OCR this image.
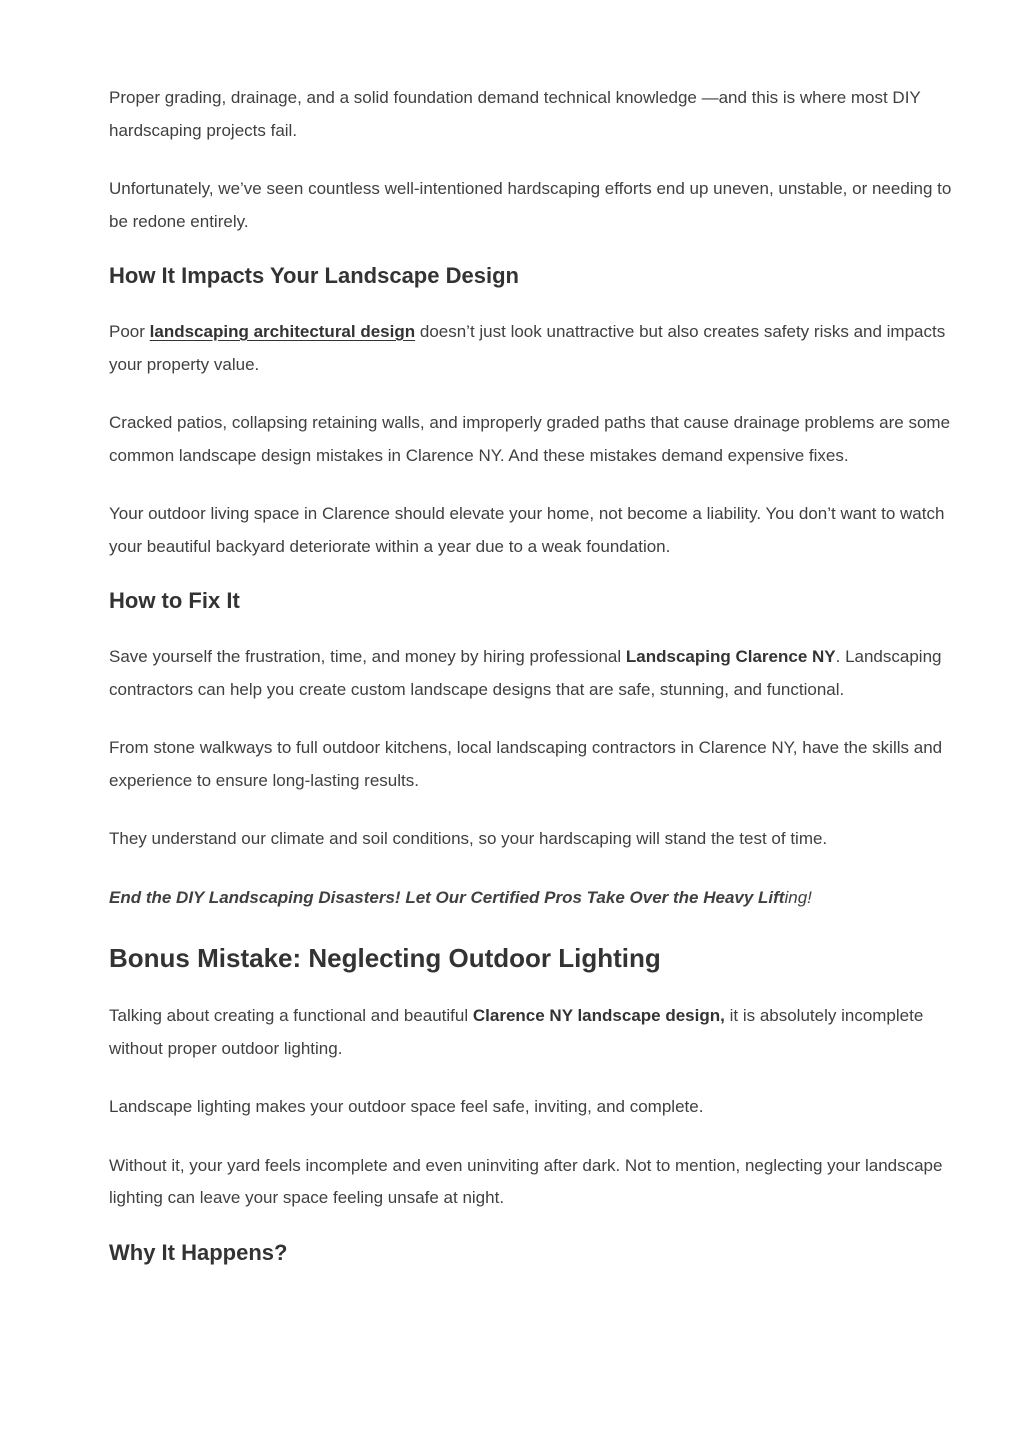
Proper grading, drainage, and a solid foundation demand technical knowledge —and this is where most DIY hardscaping projects fail.

Unfortunately, we’ve seen countless well-intentioned hardscaping efforts end up uneven, unstable, or needing to be redone entirely.

How It Impacts Your Landscape Design

Poor landscaping architectural design doesn’t just look unattractive but also creates safety risks and impacts your property value.

Cracked patios, collapsing retaining walls, and improperly graded paths that cause drainage problems are some common landscape design mistakes in Clarence NY. And these mistakes demand expensive fixes.

Your outdoor living space in Clarence should elevate your home, not become a liability. You don’t want to watch your beautiful backyard deteriorate within a year due to a weak foundation.

How to Fix It

Save yourself the frustration, time, and money by hiring professional Landscaping Clarence NY. Landscaping contractors can help you create custom landscape designs that are safe, stunning, and functional.

From stone walkways to full outdoor kitchens, local landscaping contractors in Clarence NY, have the skills and experience to ensure long-lasting results.

They understand our climate and soil conditions, so your hardscaping will stand the test of time.

End the DIY Landscaping Disasters! Let Our Certified Pros Take Over the Heavy Lifting!

Bonus Mistake: Neglecting Outdoor Lighting

Talking about creating a functional and beautiful Clarence NY landscape design, it is absolutely incomplete without proper outdoor lighting.

Landscape lighting makes your outdoor space feel safe, inviting, and complete.

Without it, your yard feels incomplete and even uninviting after dark. Not to mention, neglecting your landscape lighting can leave your space feeling unsafe at night.

Why It Happens?
